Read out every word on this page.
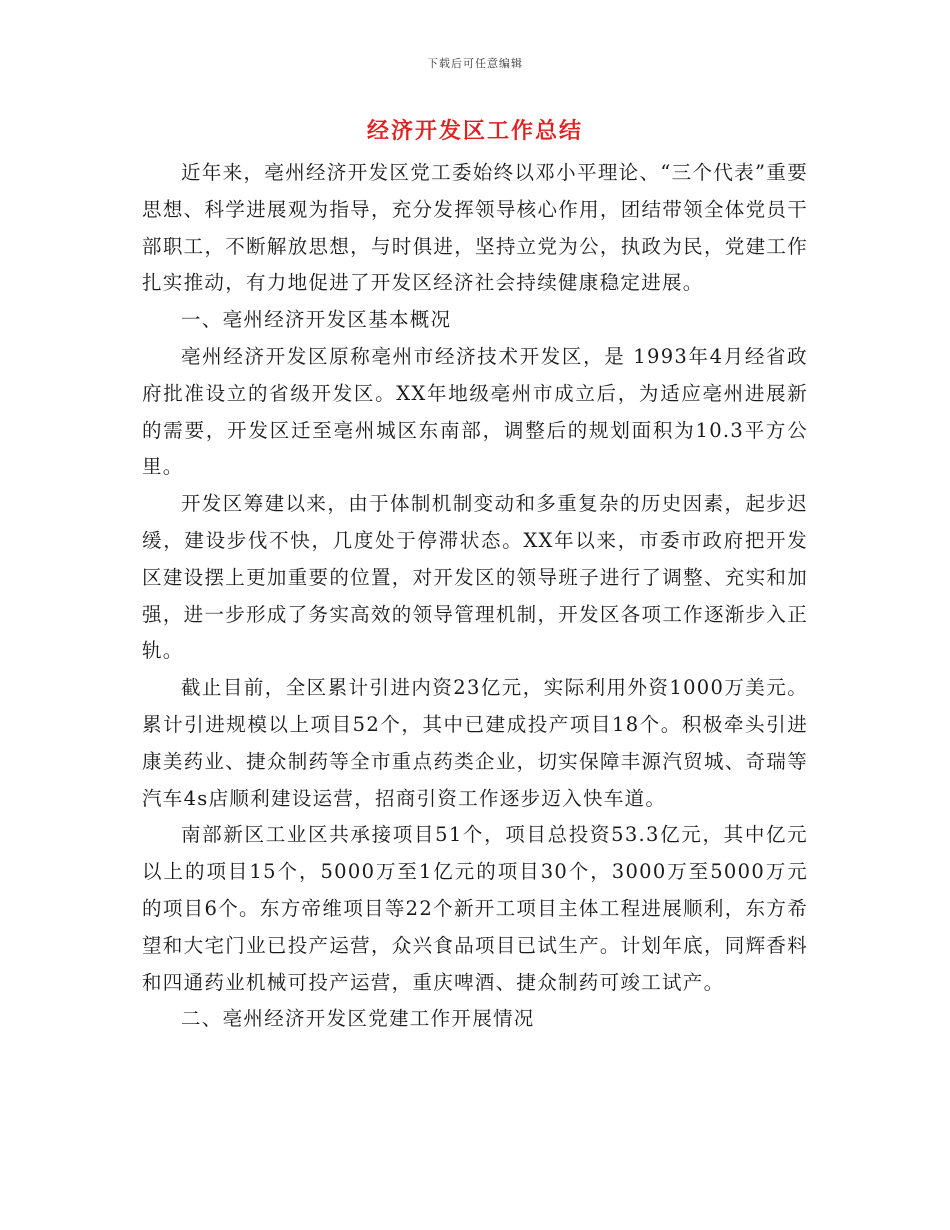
下载后可任意编辑
经济开发区工作总结

近年来，亳州经济开发区党工委始终以邓小平理论、“三个代表”重要思想、科学进展观为指导，充分发挥领导核心作用，团结带领全体党员干部职工，不断解放思想，与时俱进，坚持立党为公，执政为民，党建工作扎实推动，有力地促进了开发区经济社会持续健康稳定进展。

一、亳州经济开发区基本概况

亳州经济开发区原称亳州市经济技术开发区，是 1993年4月经省政府批准设立的省级开发区。XX年地级亳州市成立后，为适应亳州进展新的需要，开发区迁至亳州城区东南部，调整后的规划面积为10.3平方公里。

开发区筹建以来，由于体制机制变动和多重复杂的历史因素，起步迟缓，建设步伐不快，几度处于停滞状态。XX年以来，市委市政府把开发区建设摆上更加重要的位置，对开发区的领导班子进行了调整、充实和加强，进一步形成了务实高效的领导管理机制，开发区各项工作逐渐步入正轨。

截止目前，全区累计引进内资23亿元，实际利用外资1000万美元。累计引进规模以上项目52个，其中已建成投产项目18个。积极牵头引进康美药业、捷众制药等全市重点药类企业，切实保障丰源汽贸城、奇瑞等汽车4s店顺利建设运营，招商引资工作逐步迈入快车道。

南部新区工业区共承接项目51个，项目总投资53.3亿元，其中亿元以上的项目15个，5000万至1亿元的项目30个，3000万至5000万元的项目6个。东方帝维项目等22个新开工项目主体工程进展顺利，东方希望和大宅门业已投产运营，众兴食品项目已试生产。计划年底，同辉香料和四通药业机械可投产运营，重庆啤酒、捷众制药可竣工试产。

二、亳州经济开发区党建工作开展情况
